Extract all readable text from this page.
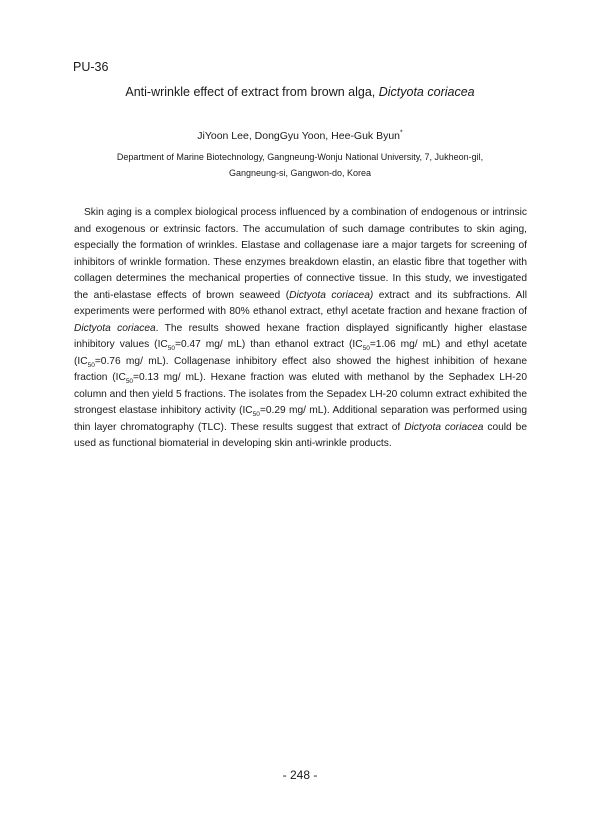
PU-36
Anti-wrinkle effect of extract from brown alga, Dictyota coriacea
JiYoon Lee, DongGyu Yoon, Hee-Guk Byun*
Department of Marine Biotechnology, Gangneung-Wonju National University, 7, Jukheon-gil,
Gangneung-si, Gangwon-do, Korea

Skin aging is a complex biological process influenced by a combination of endogenous or intrinsic and exogenous or extrinsic factors. The accumulation of such damage contributes to skin aging, especially the formation of wrinkles. Elastase and collagenase iare a major targets for screening of inhibitors of wrinkle formation. These enzymes breakdown elastin, an elastic fibre that together with collagen determines the mechanical properties of connective tissue. In this study, we investigated the anti-elastase effects of brown seaweed (Dictyota coriacea) extract and its subfractions. All experiments were performed with 80% ethanol extract, ethyl acetate fraction and hexane fraction of Dictyota coriacea. The results showed hexane fraction displayed significantly higher elastase inhibitory values ($IC_{50}=0.47$ mg/ mL) than ethanol extract ($IC_{50}=1.06$ mg/ mL) and ethyl acetate ($IC_{50}=0.76$ mg/ mL). Collagenase inhibitory effect also showed the highest inhibition of hexane fraction ($IC_{50}=0.13$ mg/ mL). Hexane fraction was eluted with methanol by the Sephadex LH-20 column and then yield 5 fractions. The isolates from the Sepadex LH-20 column extract exhibited the strongest elastase inhibitory activity ($IC_{50}=0.29$ mg/ mL). Additional separation was performed using thin layer chromatography (TLC). These results suggest that extract of Dictyota coriacea could be used as functional biomaterial in developing skin anti-wrinkle products.

- 248 -
